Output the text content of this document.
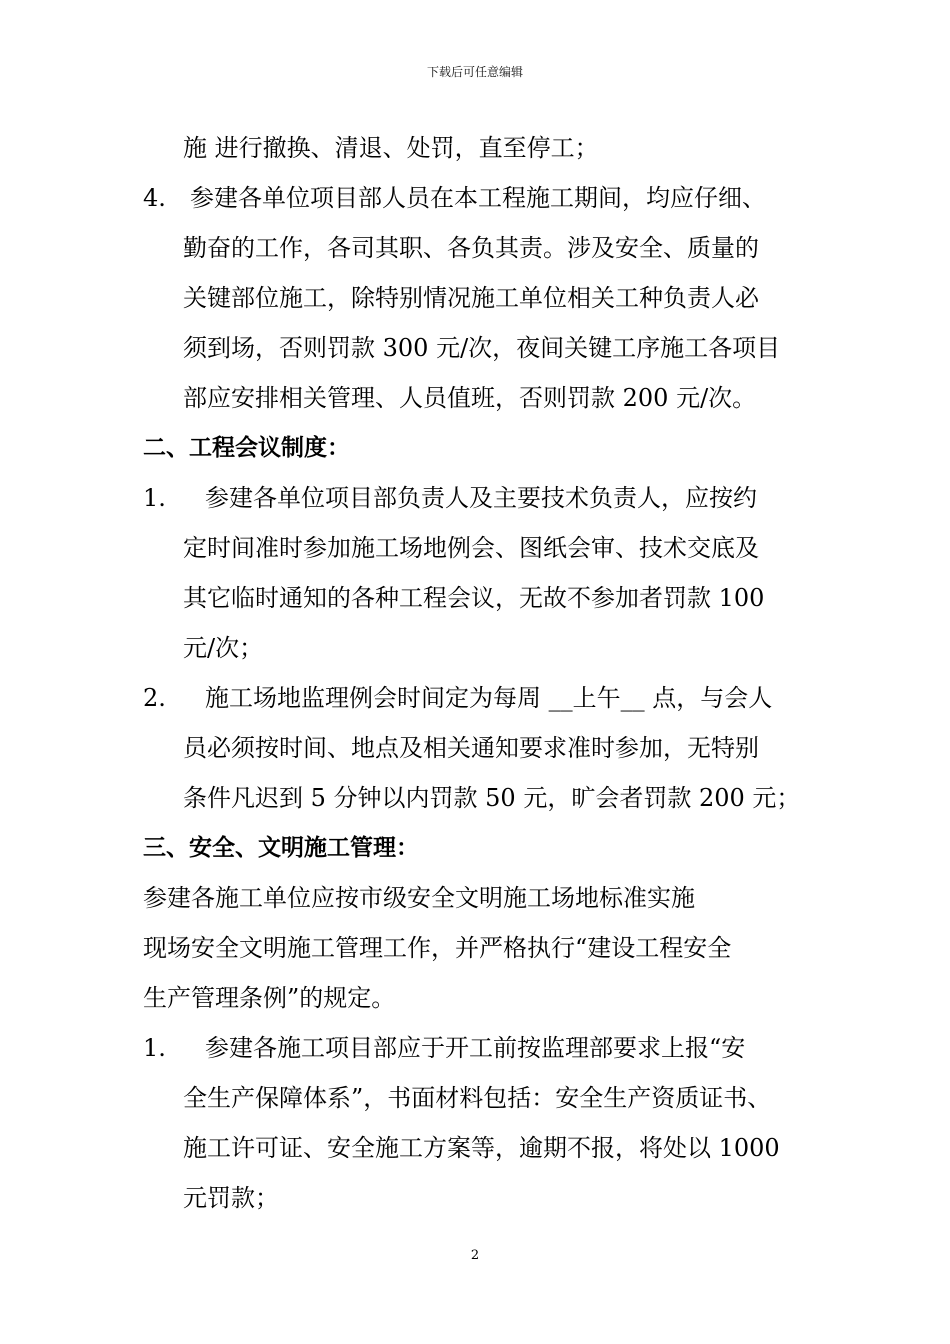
下载后可任意编辑
施 进行撤换、清退、处罚，直至停工；
4.	参建各单位项目部人员在本工程施工期间，均应仔细、
勤奋的工作，各司其职、各负其责。涉及安全、质量的
关键部位施工，除特别情况施工单位相关工种负责人必
须到场，否则罚款 300 元/次，夜间关键工序施工各项目
部应安排相关管理、人员值班，否则罚款 200 元/次。
二、工程会议制度：
1.	参建各单位项目部负责人及主要技术负责人，应按约
定时间准时参加施工场地例会、图纸会审、技术交底及
其它临时通知的各种工程会议，无故不参加者罚款 100
元/次；
2.	施工场地监理例会时间定为每周 __上午__ 点，与会人
员必须按时间、地点及相关通知要求准时参加，无特别
条件凡迟到 5 分钟以内罚款 50 元，旷会者罚款 200 元；
三、安全、文明施工管理：
参建各施工单位应按市级安全文明施工场地标准实施
现场安全文明施工管理工作，并严格执行“建设工程安全
生产管理条例”的规定。
1.	参建各施工项目部应于开工前按监理部要求上报“安
全生产保障体系”，书面材料包括：安全生产资质证书、
施工许可证、安全施工方案等，逾期不报，将处以 1000
元罚款；
2
